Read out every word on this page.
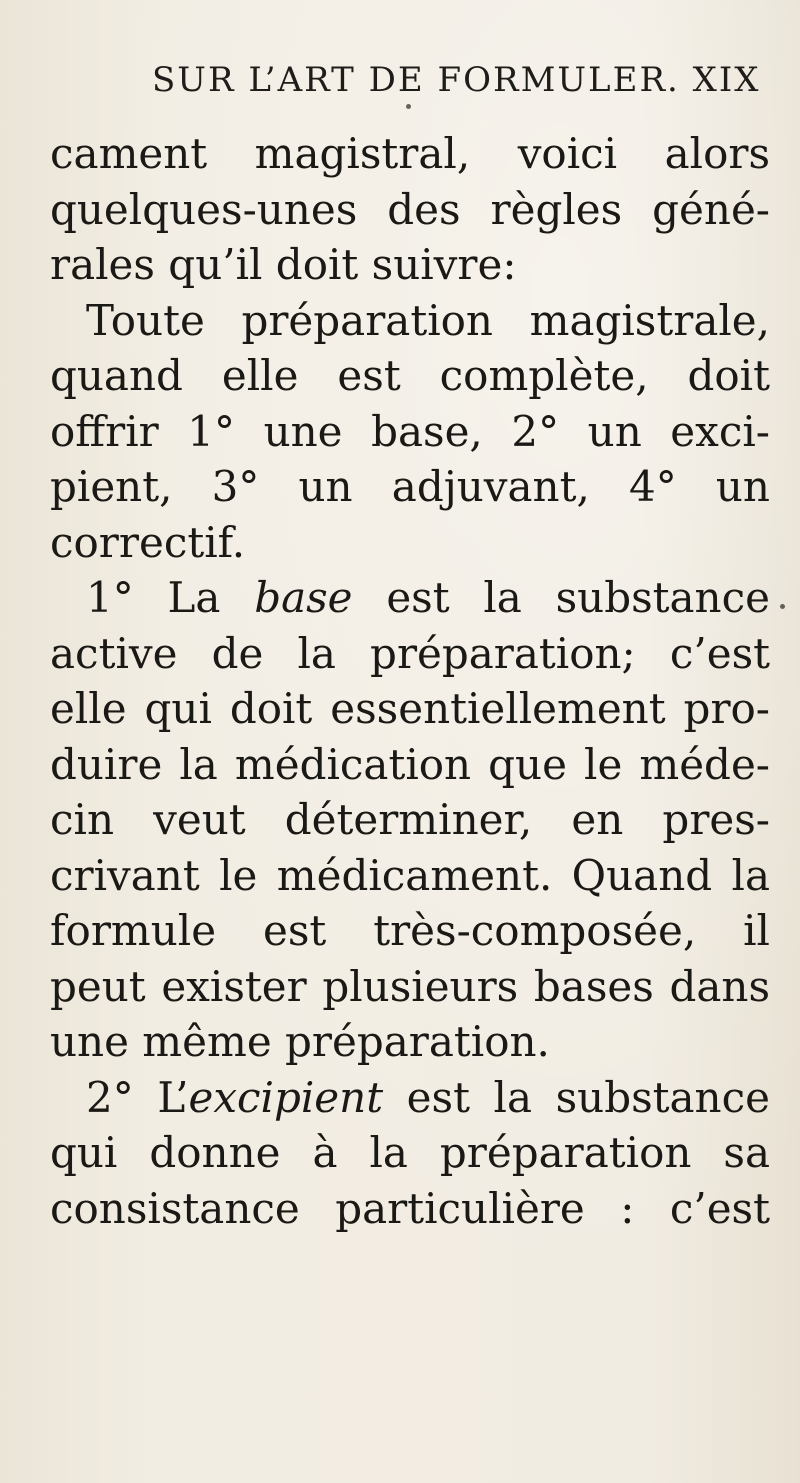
SUR L’ART DE FORMULER. XIX
cament magistral, voici alors
quelques-unes des règles géné-
rales qu’il doit suivre:
Toute préparation magistrale,
quand elle est complète, doit
offrir 1° une base, 2° un exci-
pient, 3° un adjuvant, 4° un
correctif.
1° La base est la substance
active de la préparation; c’est
elle qui doit essentiellement pro-
duire la médication que le méde-
cin veut déterminer, en pres-
crivant le médicament. Quand la
formule est très-composée, il
peut exister plusieurs bases dans
une même préparation.
2° L’excipient est la substance
qui donne à la préparation sa
consistance particulière : c’est
